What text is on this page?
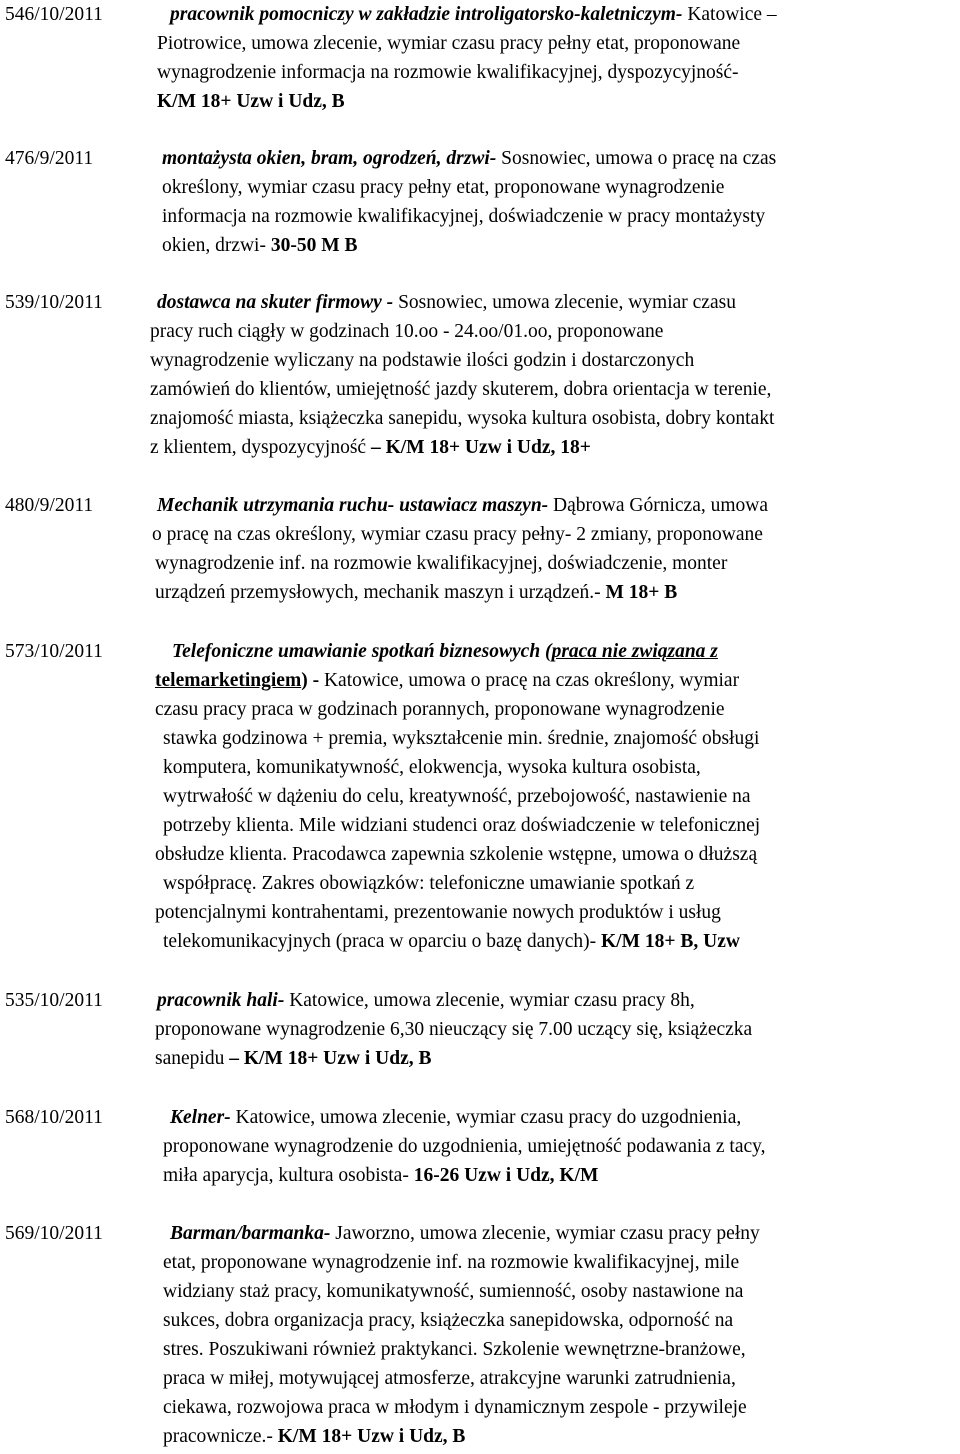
546/10/2011	pracownik pomocniczy w zakładzie introligatorsko-kaletniczym- Katowice –
Piotrowice, umowa zlecenie, wymiar czasu pracy pełny etat, proponowane
wynagrodzenie informacja na rozmowie kwalifikacyjnej, dyspozycyjność-
K/M 18+ Uzw i Udz, B
476/9/2011	montażysta okien, bram, ogrodzeń, drzwi- Sosnowiec, umowa o pracę na czas
określony, wymiar czasu pracy pełny etat, proponowane wynagrodzenie
informacja na rozmowie kwalifikacyjnej, doświadczenie w pracy montażysty
okien, drzwi- 30-50 M B
539/10/2011	dostawca na skuter firmowy - Sosnowiec, umowa zlecenie, wymiar czasu
pracy ruch ciągły w godzinach 10.oo - 24.oo/01.oo, proponowane
wynagrodzenie wyliczany na podstawie ilości godzin i dostarczonych
zamówień do klientów, umiejętność jazdy skuterem, dobra orientacja w terenie,
znajomość miasta, książeczka sanepidu, wysoka kultura osobista, dobry kontakt
z klientem, dyspozycyjność – K/M 18+ Uzw i Udz, 18+
480/9/2011	Mechanik utrzymania ruchu- ustawiacz maszyn- Dąbrowa Górnicza, umowa
o pracę na czas określony, wymiar czasu pracy pełny- 2 zmiany, proponowane
wynagrodzenie inf. na rozmowie kwalifikacyjnej, doświadczenie, monter
urządzeń przemysłowych, mechanik maszyn i urządzeń.- M 18+ B
573/10/2011	Telefoniczne umawianie spotkań biznesowych (praca nie związana z
telemarketingiem) - Katowice, umowa o pracę na czas określony, wymiar
czasu pracy praca w godzinach porannych, proponowane wynagrodzenie
stawka godzinowa + premia, wykształcenie min. średnie, znajomość obsługi
komputera, komunikatywność, elokwencja, wysoka kultura osobista,
wytrwałość w dążeniu do celu, kreatywność, przebojowość, nastawienie na
potrzeby klienta. Mile widziani studenci oraz doświadczenie w telefonicznej
obsłudze klienta. Pracodawca zapewnia szkolenie wstępne, umowa o dłuższą
współpracę. Zakres obowiązków: telefoniczne umawianie spotkań z
potencjalnymi kontrahentami, prezentowanie nowych produktów i usług
telekomunikacyjnych (praca w oparciu o bazę danych)- K/M 18+ B, Uzw
535/10/2011	pracownik hali- Katowice, umowa zlecenie, wymiar czasu pracy 8h,
proponowane wynagrodzenie 6,30 nieuczący się 7.00 uczący się, książeczka
sanepidu – K/M 18+ Uzw i Udz, B
568/10/2011	Kelner- Katowice, umowa zlecenie, wymiar czasu pracy do uzgodnienia,
proponowane wynagrodzenie do uzgodnienia, umiejętność podawania z tacy,
miła aparycja, kultura osobista- 16-26 Uzw i Udz, K/M
569/10/2011	Barman/barmanka- Jaworzno, umowa zlecenie, wymiar czasu pracy pełny
etat, proponowane wynagrodzenie inf. na rozmowie kwalifikacyjnej, mile
widziany staż pracy, komunikatywność, sumienność, osoby nastawione na
sukces, dobra organizacja pracy, książeczka sanepidowska, odporność na
stres. Poszukiwani również praktykanci. Szkolenie wewnętrzne-branżowe,
praca w miłej, motywującej atmosferze, atrakcyjne warunki zatrudnienia,
ciekawa, rozwojowa praca w młodym i dynamicznym zespole - przywileje
pracownicze.- K/M 18+ Uzw i Udz, B
